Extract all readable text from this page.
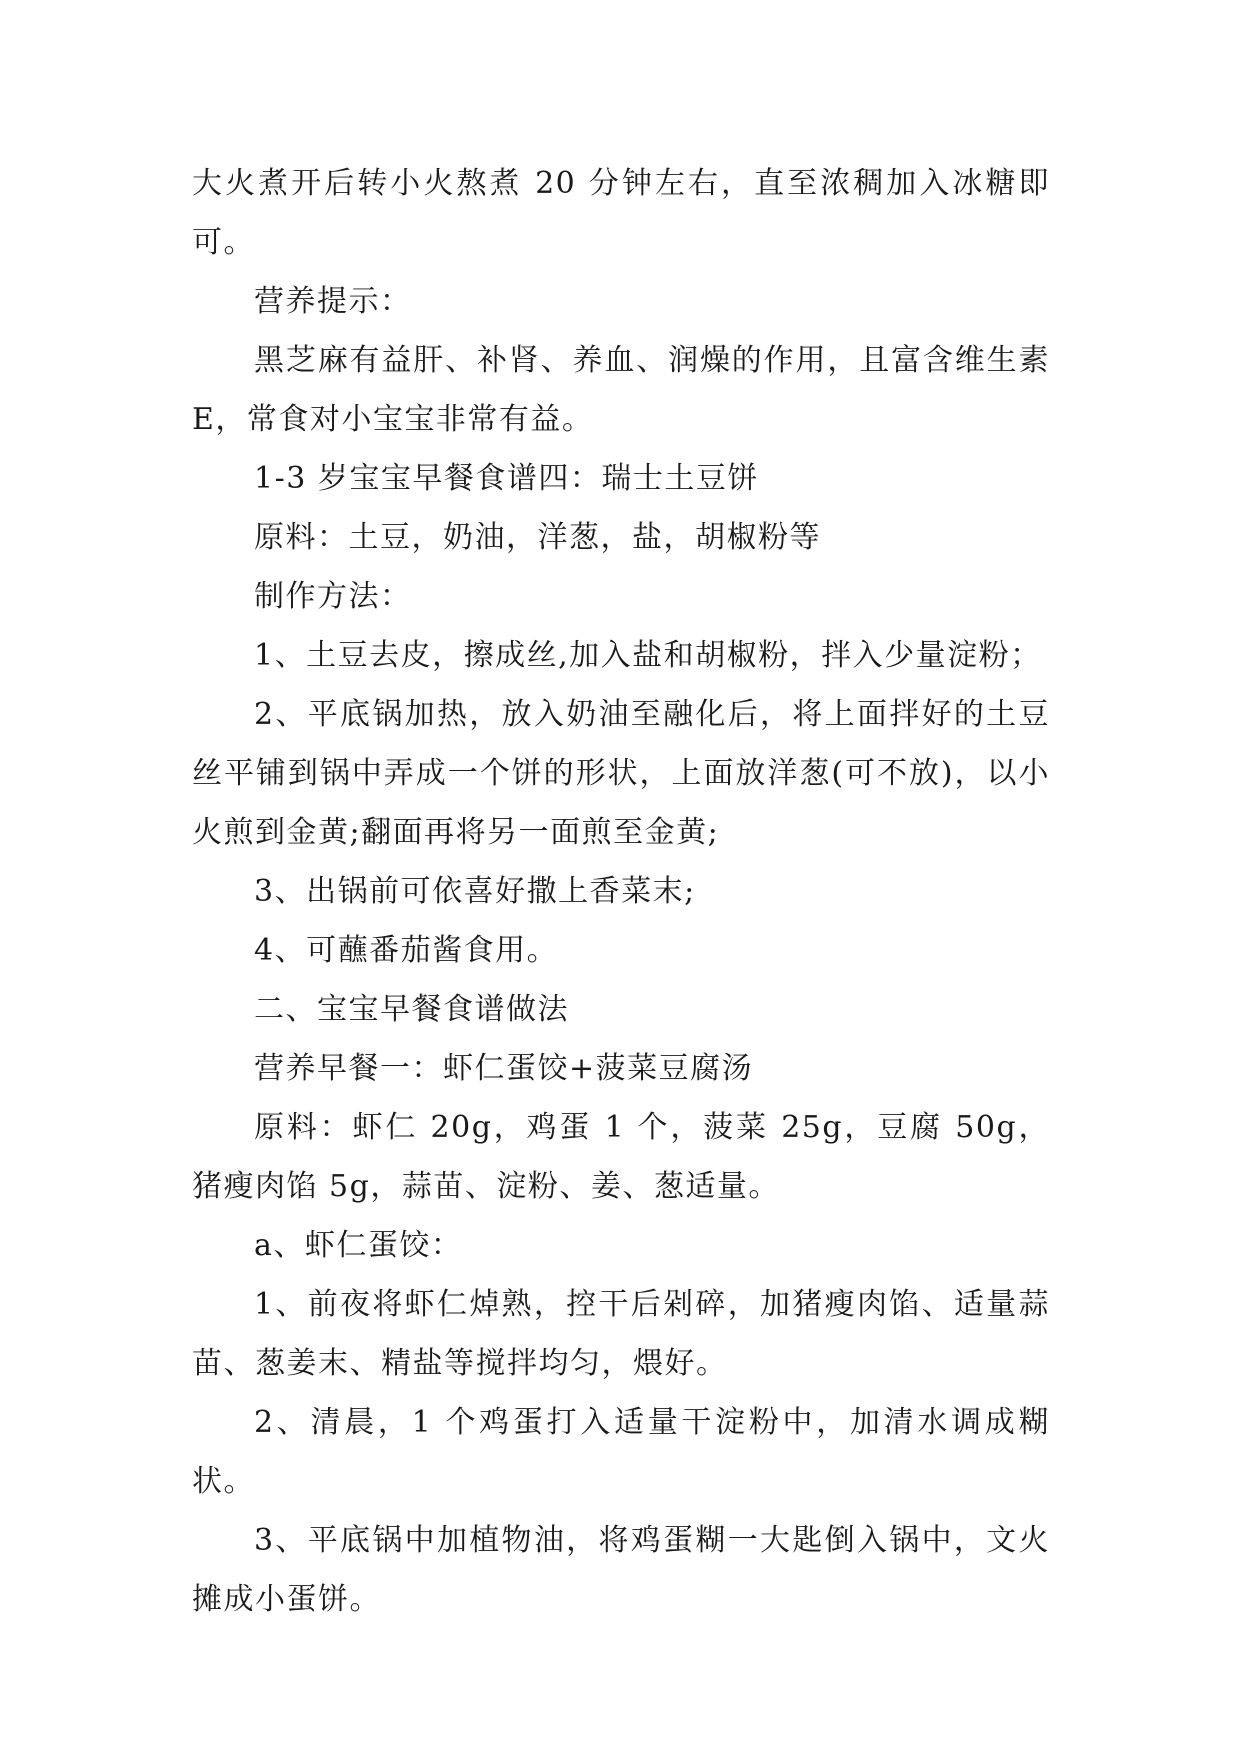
大火煮开后转小火熬煮 20 分钟左右，直至浓稠加入冰糖即可。

营养提示：

黑芝麻有益肝、补肾、养血、润燥的作用，且富含维生素 E，常食对小宝宝非常有益。

1-3 岁宝宝早餐食谱四：瑞士土豆饼

原料：土豆，奶油，洋葱，盐，胡椒粉等

制作方法：

1、土豆去皮，擦成丝,加入盐和胡椒粉，拌入少量淀粉；

2、平底锅加热，放入奶油至融化后，将上面拌好的土豆丝平铺到锅中弄成一个饼的形状，上面放洋葱(可不放)，以小火煎到金黄;翻面再将另一面煎至金黄;

3、出锅前可依喜好撒上香菜末;

4、可蘸番茄酱食用。

二、宝宝早餐食谱做法

营养早餐一：虾仁蛋饺+菠菜豆腐汤

原料：虾仁 20g，鸡蛋 1 个，菠菜 25g，豆腐 50g，猪瘦肉馅 5g，蒜苗、淀粉、姜、葱适量。

a、虾仁蛋饺：

1、前夜将虾仁焯熟，控干后剁碎，加猪瘦肉馅、适量蒜苗、葱姜末、精盐等搅拌均匀，煨好。

2、清晨，1 个鸡蛋打入适量干淀粉中，加清水调成糊状。

3、平底锅中加植物油，将鸡蛋糊一大匙倒入锅中，文火摊成小蛋饼。
